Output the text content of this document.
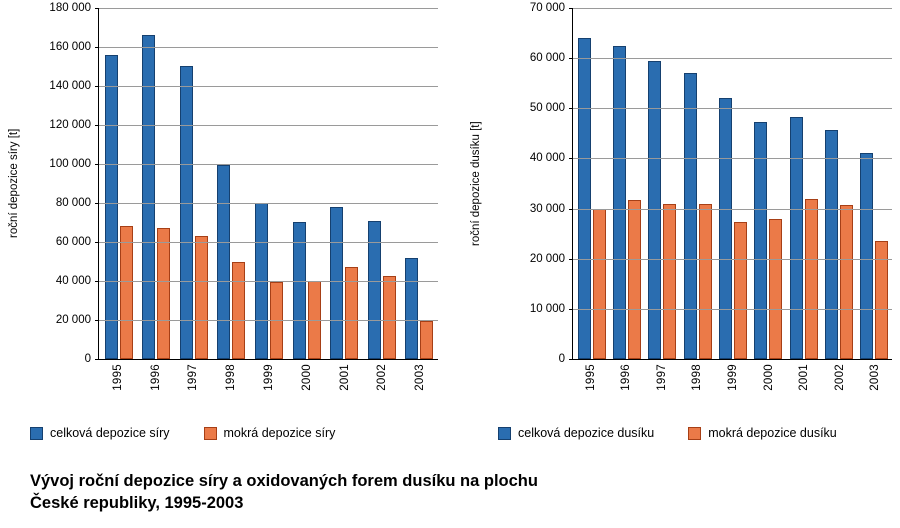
roční depozice síry [t]
1995 1996 1997 1998 1999 2000 2001 2002 2003
celková depozice síry	mokrá depozice síry
0
20 000
40 000
60 000
80 000
100 000
120 000
140 000
160 000
180 000
roční depozice dusíku [t]
1995 1996 1997 1998 1999 2000 2001 2002 2003
celková depozice dusíku	mokrá depozice dusíku
0
10 000
20 000
30 000
40 000
50 000
60 000
70 000
Vývoj roční depozice síry a oxidovaných forem dusíku na plochu
České republiky, 1995-2003
